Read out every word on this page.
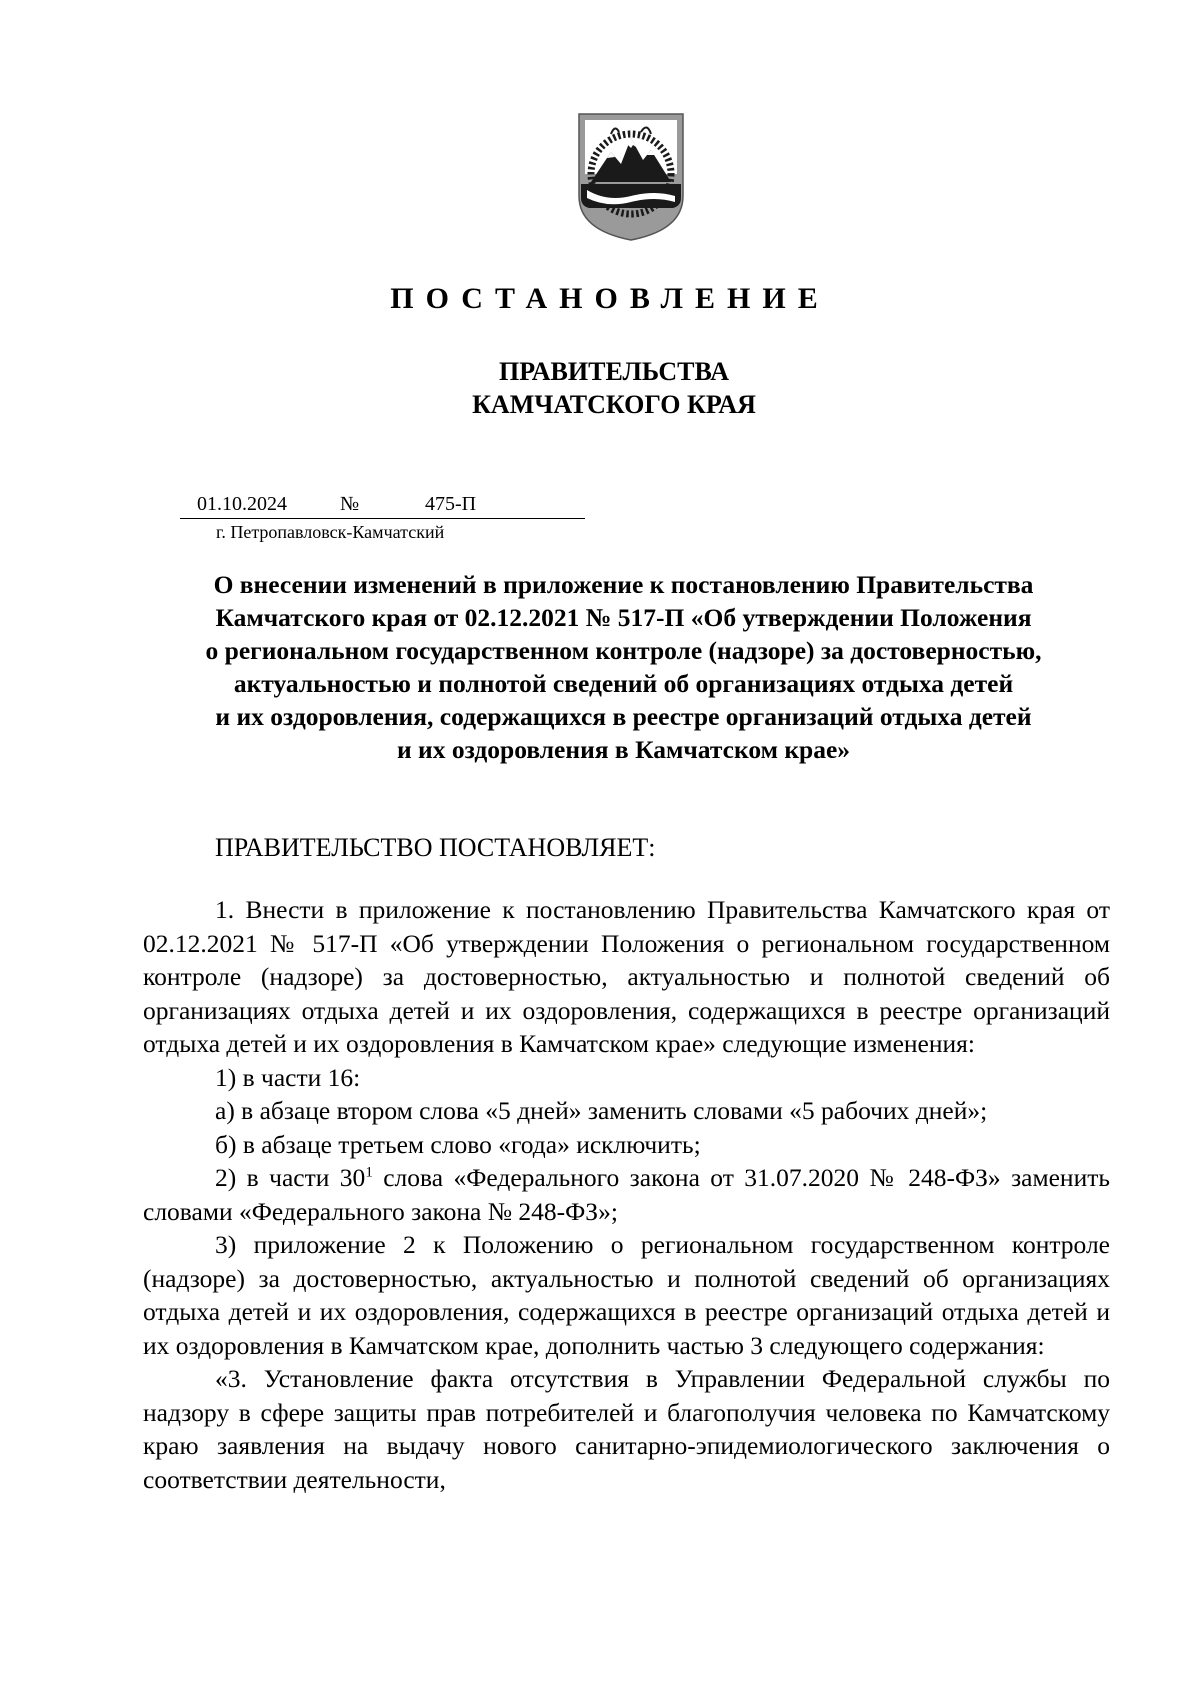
ПОСТАНОВЛЕНИЕ
ПРАВИТЕЛЬСТВА
КАМЧАТСКОГО КРАЯ
01.10.2024	№	475-П
г. Петропавловск-Камчатский
О внесении изменений в приложение к постановлению Правительства
Камчатского края от 02.12.2021 № 517-П «Об утверждении Положения
о региональном государственном контроле (надзоре) за достоверностью,
актуальностью и полнотой сведений об организациях отдыха детей
и их оздоровления, содержащихся в реестре организаций отдыха детей
и их оздоровления в Камчатском крае»
ПРАВИТЕЛЬСТВО ПОСТАНОВЛЯЕТ:

1. Внести в приложение к постановлению Правительства Камчатского края от 02.12.2021 № 517-П «Об утверждении Положения о региональном государственном контроле (надзоре) за достоверностью, актуальностью и полнотой сведений об организациях отдыха детей и их оздоровления, содержащихся в реестре организаций отдыха детей и их оздоровления в Камчатском крае» следующие изменения:

1) в части 16:

а) в абзаце втором слова «5 дней» заменить словами «5 рабочих дней»;

б) в абзаце третьем слово «года» исключить;

2) в части $30^1$ слова «Федерального закона от 31.07.2020 № 248-ФЗ» заменить словами «Федерального закона № 248-ФЗ»;

3) приложение 2 к Положению о региональном государственном контроле (надзоре) за достоверностью, актуальностью и полнотой сведений об организациях отдыха детей и их оздоровления, содержащихся в реестре организаций отдыха детей и их оздоровления в Камчатском крае, дополнить частью 3 следующего содержания:

«3. Установление факта отсутствия в Управлении Федеральной службы по надзору в сфере защиты прав потребителей и благополучия человека по Камчатскому краю заявления на выдачу нового санитарно-эпидемиологического заключения о соответствии деятельности,
